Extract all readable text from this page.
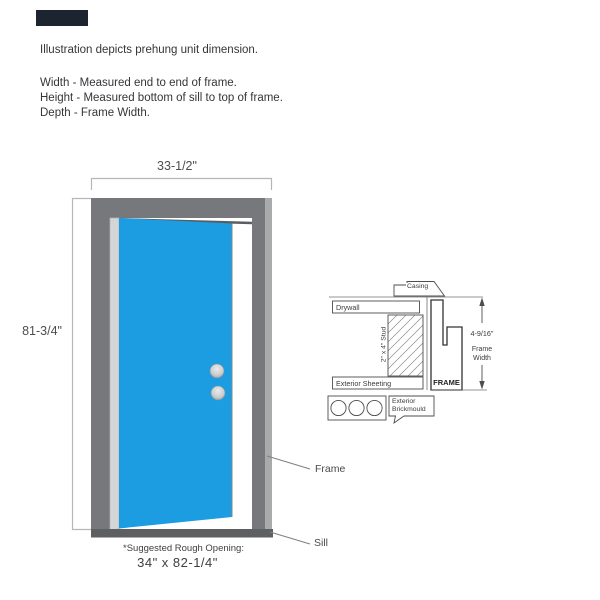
Illustration depicts prehung unit dimension.
Width - Measured end to end of frame.
Height - Measured bottom of sill to top of frame.
Depth - Frame Width.
33-1/2"
81-3/4"
Frame
Sill
*Suggested Rough Opening:
34" x 82-1/4"
Casing
Drywall
2" x 4" Stud
Exterior Sheeting	FRAME
Exterior
Brickmould
4-9/16"
Frame
Width
